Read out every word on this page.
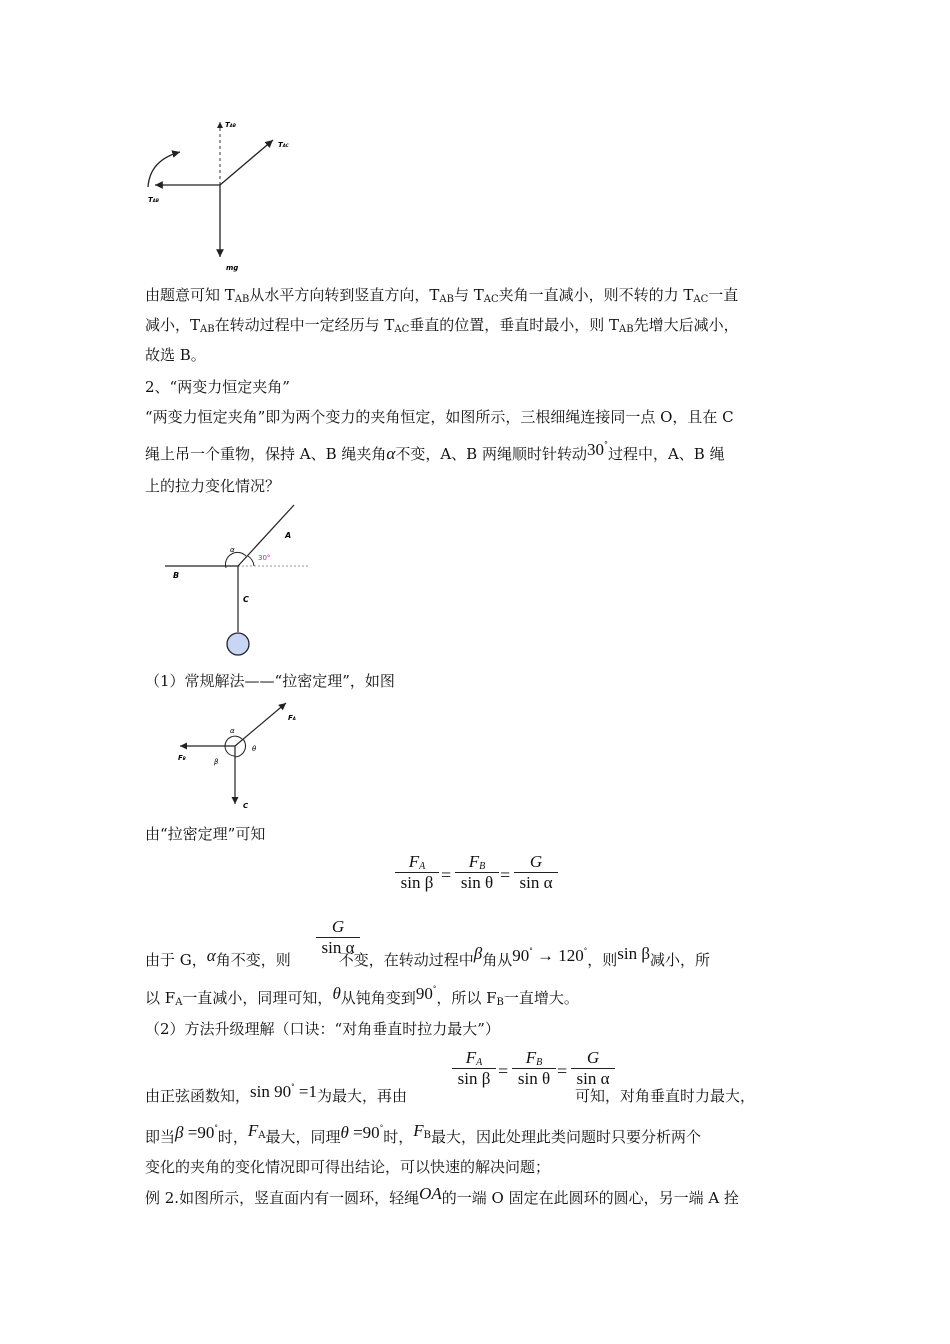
TAB
TAC
TAB
mg
由题意可知 $T_{AB}$从水平方向转到竖直方向，$T_{AB}$与 $T_{AC}$夹角一直减小，则不转的力 $T_{AC}$一直
减小，$T_{AB}$在转动过程中一定经历与 $T_{AC}$垂直的位置，垂直时最小，则 $T_{AB}$先增大后减小，
故选 B。
2、“两变力恒定夹角”
“两变力恒定夹角”即为两个变力的夹角恒定，如图所示，三根细绳连接同一点 O，且在 C
绳上吊一个重物，保持 A、B 绳夹角α不变，A、B 两绳顺时针转动30°过程中，A、B 绳
上的拉力变化情况？
α
30°
A
B
C
（1）常规解法——“拉密定理”，如图
α
β
θ
FA
FB
C
由“拉密定理”可知
$\frac{F_A}{\text{sin β}} = \frac{F_B}{\text{sin θ}} = \frac{G}{\text{sin α}}$
$\frac{G}{\text{sin α}}$
由于 G，α角不变，则	不变，在转动过程中β角从90° → 120°，则sin β减小，所
以 $F_A$一直减小，同理可知，θ从钝角变到90°，所以 $F_B$一直增大。
（2）方法升级理解（口诀：“对角垂直时拉力最大”）
$\frac{F_A}{\text{sin β}} = \frac{F_B}{\text{sin θ}} = \frac{G}{\text{sin α}}$
由正弦函数知，sin 90° =1为最大，再由	可知，对角垂直时力最大，
即当β =90°时，$F_A$最大，同理θ =90°时，$F_B$最大，因此处理此类问题时只要分析两个
变化的夹角的变化情况即可得出结论，可以快速的解决问题；
例 2.如图所示，竖直面内有一圆环，轻绳OA的一端 O 固定在此圆环的圆心，另一端 A 拴
